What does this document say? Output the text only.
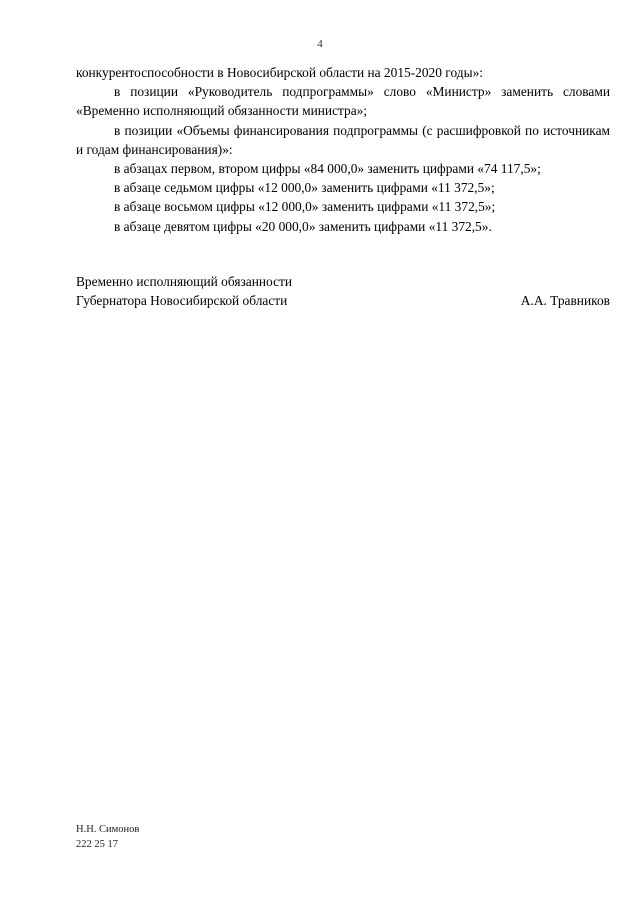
4

конкурентоспособности в Новосибирской области на 2015-2020 годы»:

в позиции «Руководитель подпрограммы» слово «Министр» заменить словами «Временно исполняющий обязанности министра»;

в позиции «Объемы финансирования подпрограммы (с расшифровкой по источникам и годам финансирования)»:

в абзацах первом, втором цифры «84 000,0» заменить цифрами «74 117,5»;

в абзаце седьмом цифры «12 000,0» заменить цифрами «11 372,5»;

в абзаце восьмом цифры «12 000,0» заменить цифрами «11 372,5»;

в абзаце девятом цифры «20 000,0» заменить цифрами «11 372,5».

Временно исполняющий обязанности
Губернатора Новосибирской области	А.А. Травников
Н.Н. Симонов
222 25 17
